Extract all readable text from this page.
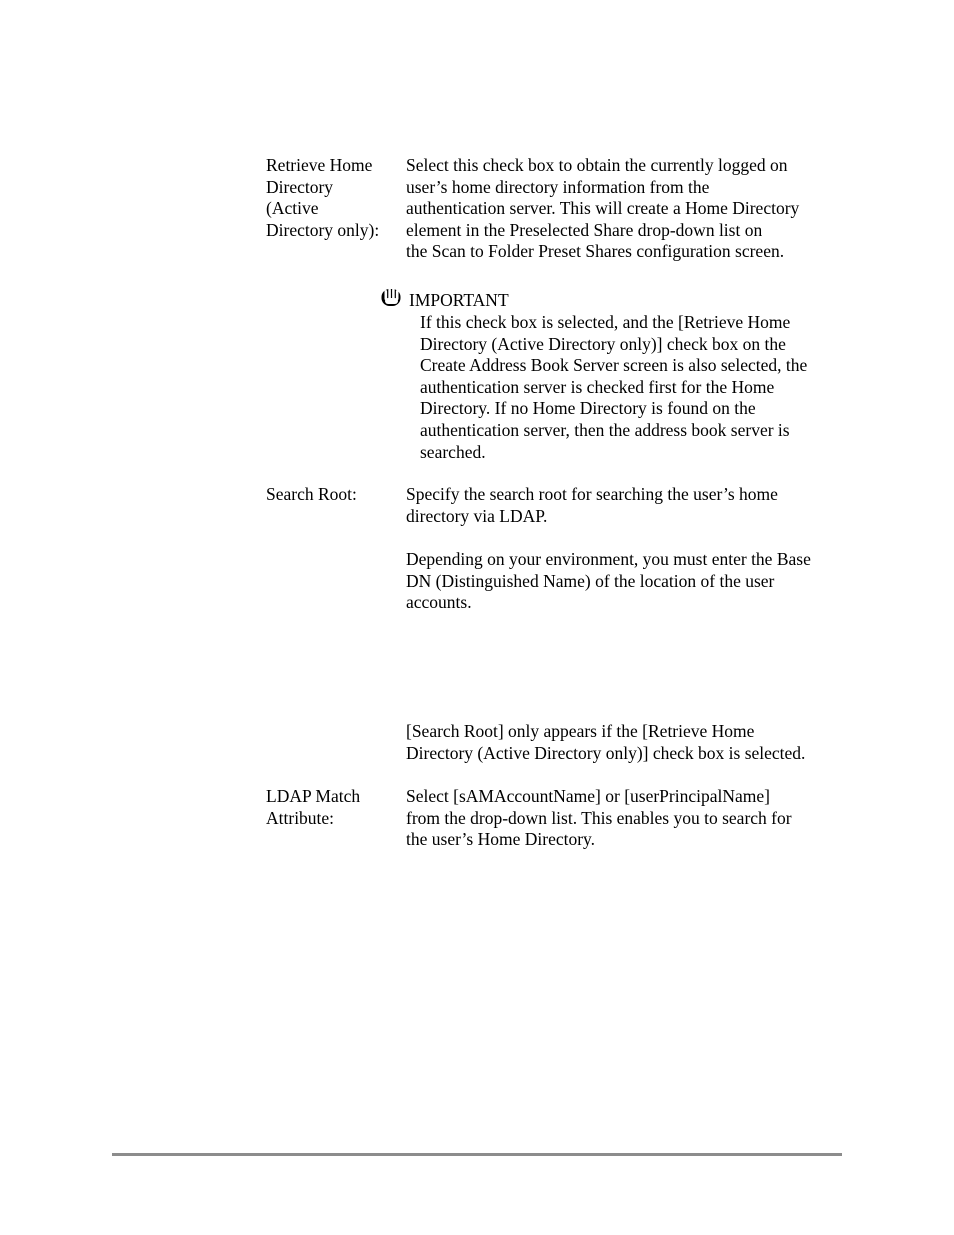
Retrieve Home
Directory
(Active
Directory only):
Select this check box to obtain the currently logged on
user’s home directory information from the
authentication server. This will create a Home Directory
element in the Preselected Share drop-down list on
the Scan to Folder Preset Shares configuration screen.
IMPORTANT
If this check box is selected, and the [Retrieve Home
Directory (Active Directory only)] check box on the
Create Address Book Server screen is also selected, the
authentication server is checked first for the Home
Directory. If no Home Directory is found on the
authentication server, then the address book server is
searched.
Search Root:	Specify the search root for searching the user’s home
directory via LDAP.
Depending on your environment, you must enter the Base
DN (Distinguished Name) of the location of the user
accounts.
[Search Root] only appears if the [Retrieve Home
Directory (Active Directory only)] check box is selected.
LDAP Match
Attribute:
Select [sAMAccountName] or [userPrincipalName]
from the drop-down list. This enables you to search for
the user’s Home Directory.
